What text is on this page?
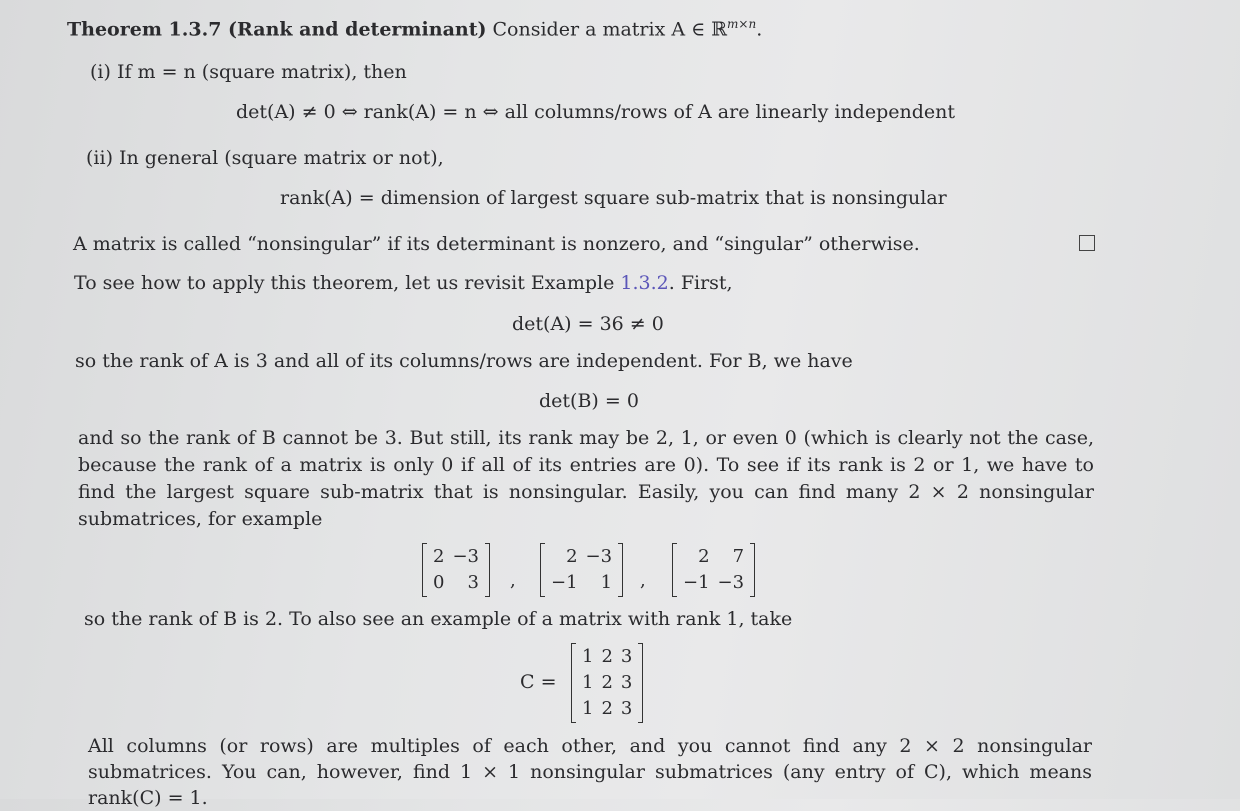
Theorem 1.3.7 (Rank and determinant) Consider a matrix A ∈ ℝ$^{m\times n}$.
(i) If m = n (square matrix), then
det(A) ≠ 0 ⇔ rank(A) = n ⇔ all columns/rows of A are linearly independent
(ii) In general (square matrix or not),
rank(A) = dimension of largest square sub-matrix that is nonsingular
A matrix is called “nonsingular” if its determinant is nonzero, and “singular” otherwise.
To see how to apply this theorem, let us revisit Example 1.3.2. First,
det(A) = 36 ≠ 0
so the rank of A is 3 and all of its columns/rows are independent. For B, we have
det(B) = 0
and so the rank of B cannot be 3. But still, its rank may be 2, 1, or even 0 (which is clearly not the case, because the rank of a matrix is only 0 if all of its entries are 0). To see if its rank is 2 or 1, we have to find the largest square sub-matrix that is nonsingular. Easily, you can find many 2 × 2 nonsingular submatrices, for example
2 −3
0	3 ,
2 −3
−1	1 ,
2	7
−1 −3
so the rank of B is 2. To also see an example of a matrix with rank 1, take
C =
1 2 3
1 2 3
1 2 3
All columns (or rows) are multiples of each other, and you cannot find any 2 × 2 nonsingular submatrices. You can, however, find 1 × 1 nonsingular submatrices (any entry of C), which means rank(C) = 1.
